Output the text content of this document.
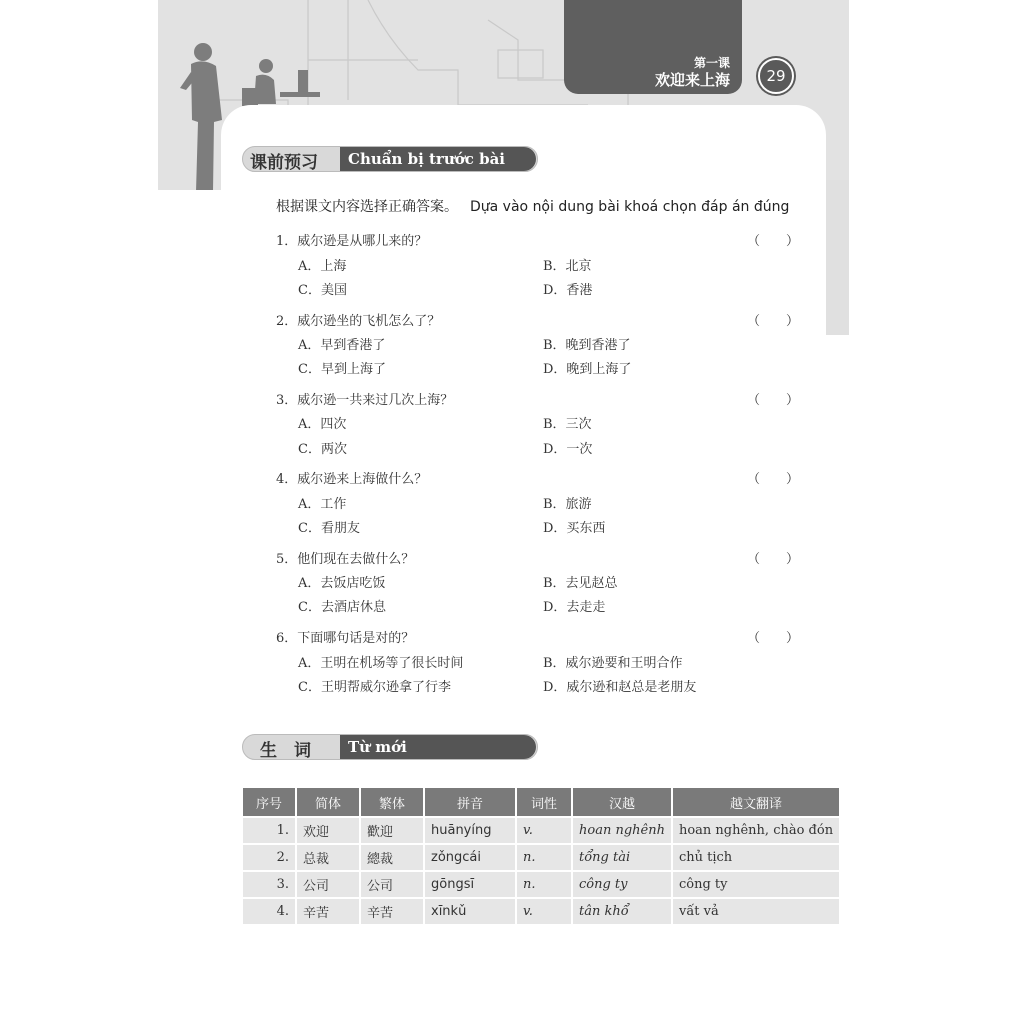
第一课
欢迎来上海	29
课前预习	Chuẩn bị trước bài khoá
根据课文内容选择正确答案。 Dựa vào nội dung bài khoá chọn đáp án đúng
1．威尔逊是从哪儿来的？	（　　）
A．上海	B．北京
C．美国	D．香港
2．威尔逊坐的飞机怎么了？	（　　）
A．早到香港了	B．晚到香港了
C．早到上海了	D．晚到上海了
3．威尔逊一共来过几次上海？	（　　）
A．四次	B．三次
C．两次	D．一次
4．威尔逊来上海做什么？	（　　）
A．工作	B．旅游
C．看朋友	D．买东西
5．他们现在去做什么？	（　　）
A．去饭店吃饭	B．去见赵总
C．去酒店休息	D．去走走
6．下面哪句话是对的？	（　　）
A．王明在机场等了很长时间	B．威尔逊要和王明合作
C．王明帮威尔逊拿了行李	D．威尔逊和赵总是老朋友
生　词	Từ mới
序号	简体	繁体	拼音	词性	汉越	越文翻译
1.	欢迎	歡迎	huānyíng	v.	hoan nghênh	hoan nghênh, chào đón
2.	总裁	總裁	zǒngcái	n.	tổng tài	chủ tịch
3.	公司	公司	gōngsī	n.	công ty	công ty
4.	辛苦	辛苦	xīnkǔ	v.	tân khổ	vất vả
